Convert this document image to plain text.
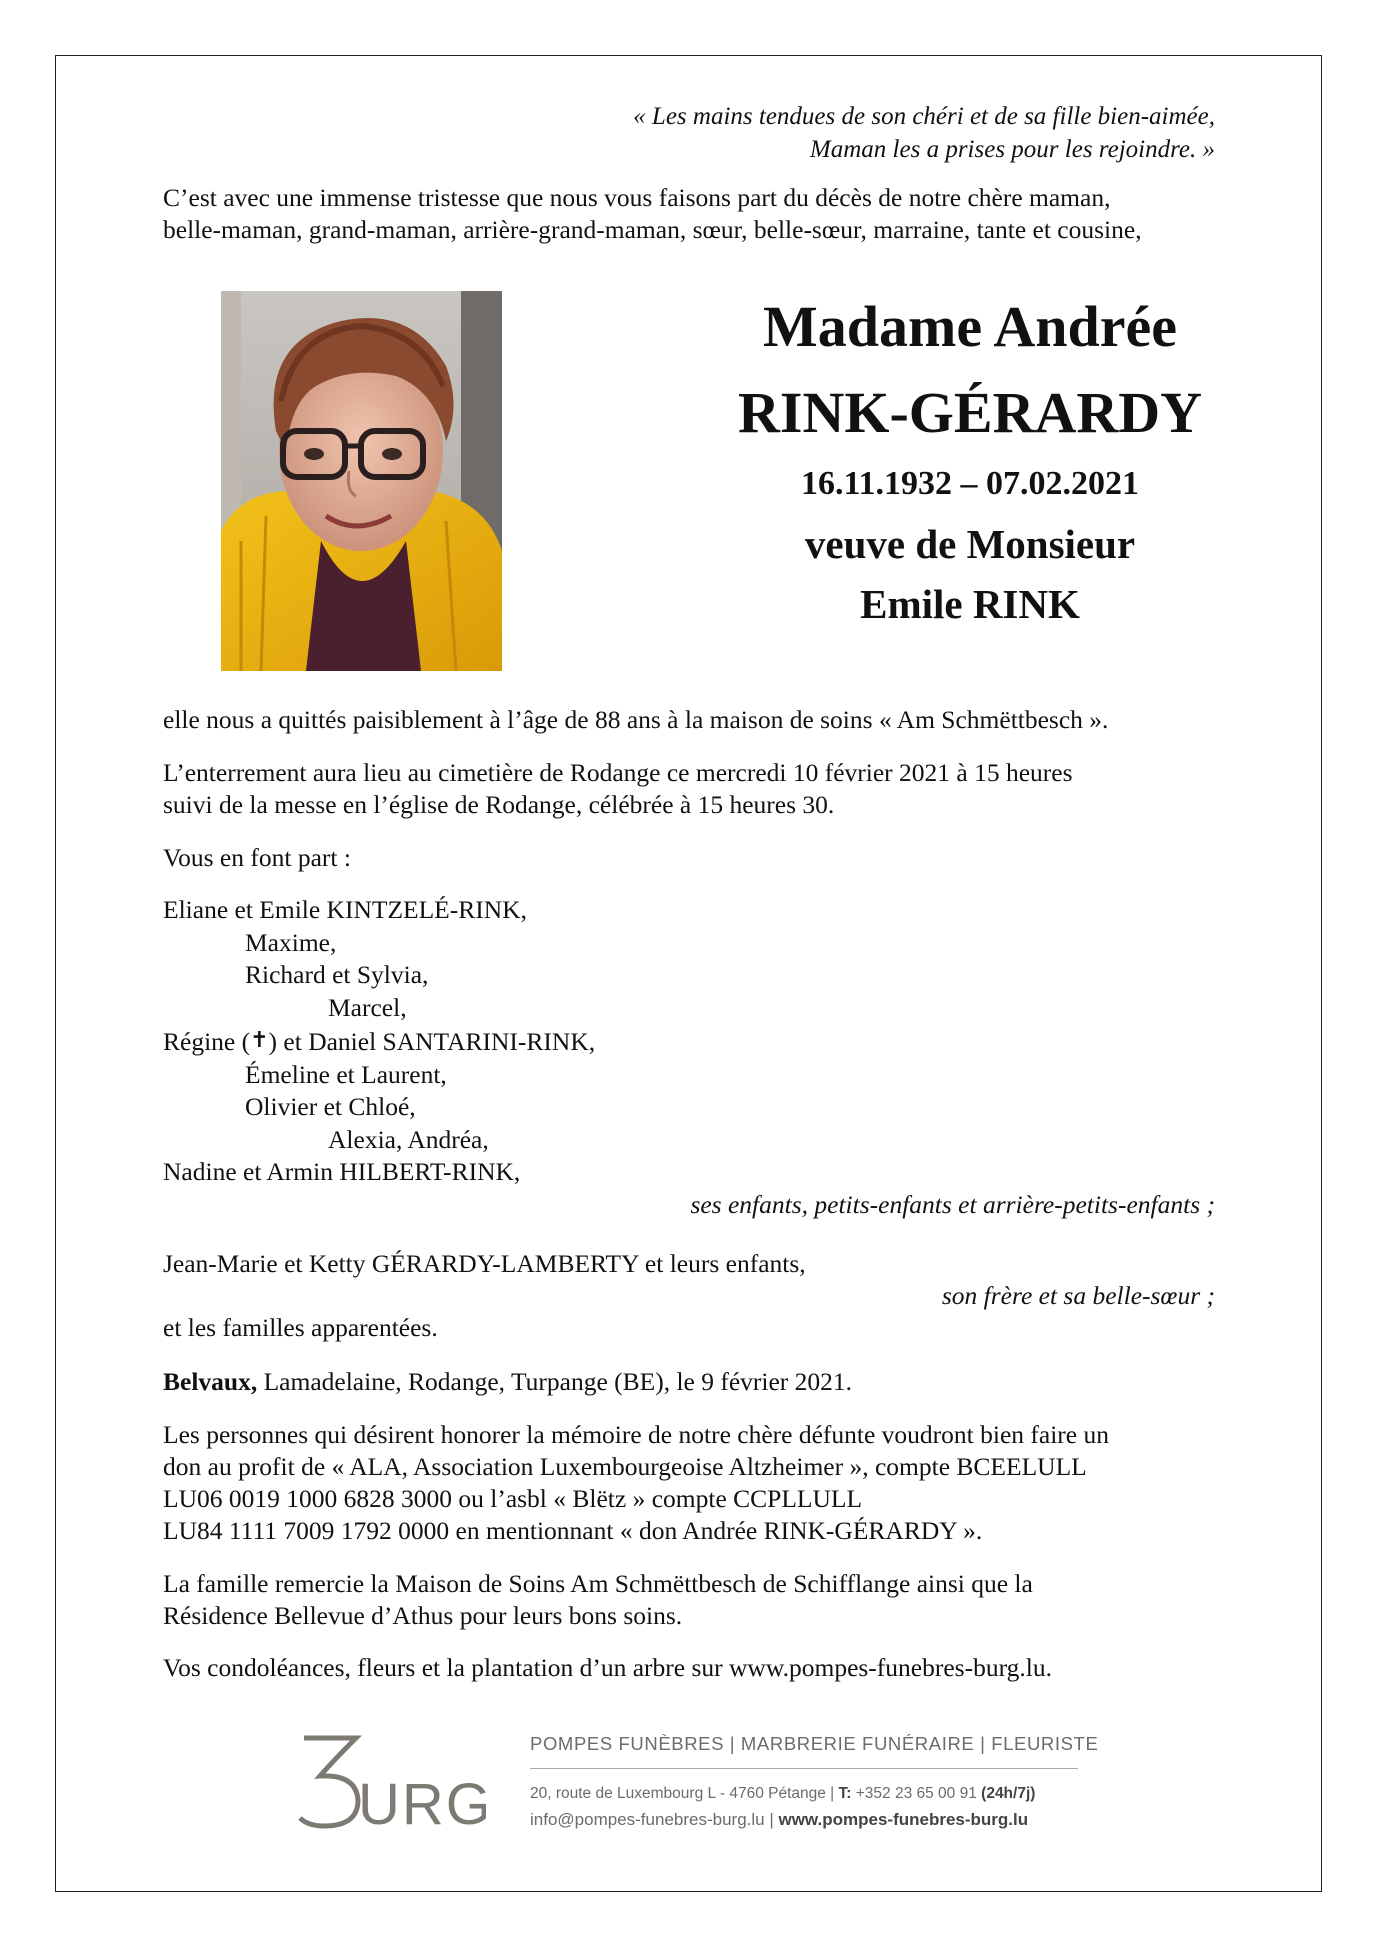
« Les mains tendues de son chéri et de sa fille bien-aimée,
Maman les a prises pour les rejoindre. »
C’est avec une immense tristesse que nous vous faisons part du décès de notre chère maman,
belle-maman, grand-maman, arrière-grand-maman, sœur, belle-sœur, marraine, tante et cousine,
Madame Andrée
RINK-GÉRARDY
16.11.1932 – 07.02.2021
veuve de Monsieur
Emile RINK
elle nous a quittés paisiblement à l’âge de 88 ans à la maison de soins « Am Schmëttbesch ».
L’enterrement aura lieu au cimetière de Rodange ce mercredi 10 février 2021 à 15 heures
suivi de la messe en l’église de Rodange, célébrée à 15 heures 30.
Vous en font part :
Eliane et Emile KINTZELÉ-RINK,
Maxime,
Richard et Sylvia,
Marcel,
Régine (✝) et Daniel SANTARINI-RINK,
Émeline et Laurent,
Olivier et Chloé,
Alexia, Andréa,
Nadine et Armin HILBERT-RINK,
ses enfants, petits-enfants et arrière-petits-enfants ;
Jean-Marie et Ketty GÉRARDY-LAMBERTY et leurs enfants,
son frère et sa belle-sœur ;
et les familles apparentées.
Belvaux, Lamadelaine, Rodange, Turpange (BE), le 9 février 2021.
Les personnes qui désirent honorer la mémoire de notre chère défunte voudront bien faire un
don au profit de « ALA, Association Luxembourgeoise Altzheimer », compte BCEELULL
LU06 0019 1000 6828 3000 ou l’asbl « Blëtz » compte CCPLLULL
LU84 1111 7009 1792 0000 en mentionnant « don Andrée RINK-GÉRARDY ».
La famille remercie la Maison de Soins Am Schmëttbesch de Schifflange ainsi que la
Résidence Bellevue d’Athus pour leurs bons soins.
Vos condoléances, fleurs et la plantation d’un arbre sur www.pompes-funebres-burg.lu.
URG
POMPES FUNÈBRES | MARBRERIE FUNÉRAIRE | FLEURISTE
20, route de Luxembourg L - 4760 Pétange | T: +352 23 65 00 91 (24h/7j)
info@pompes-funebres-burg.lu | www.pompes-funebres-burg.lu
